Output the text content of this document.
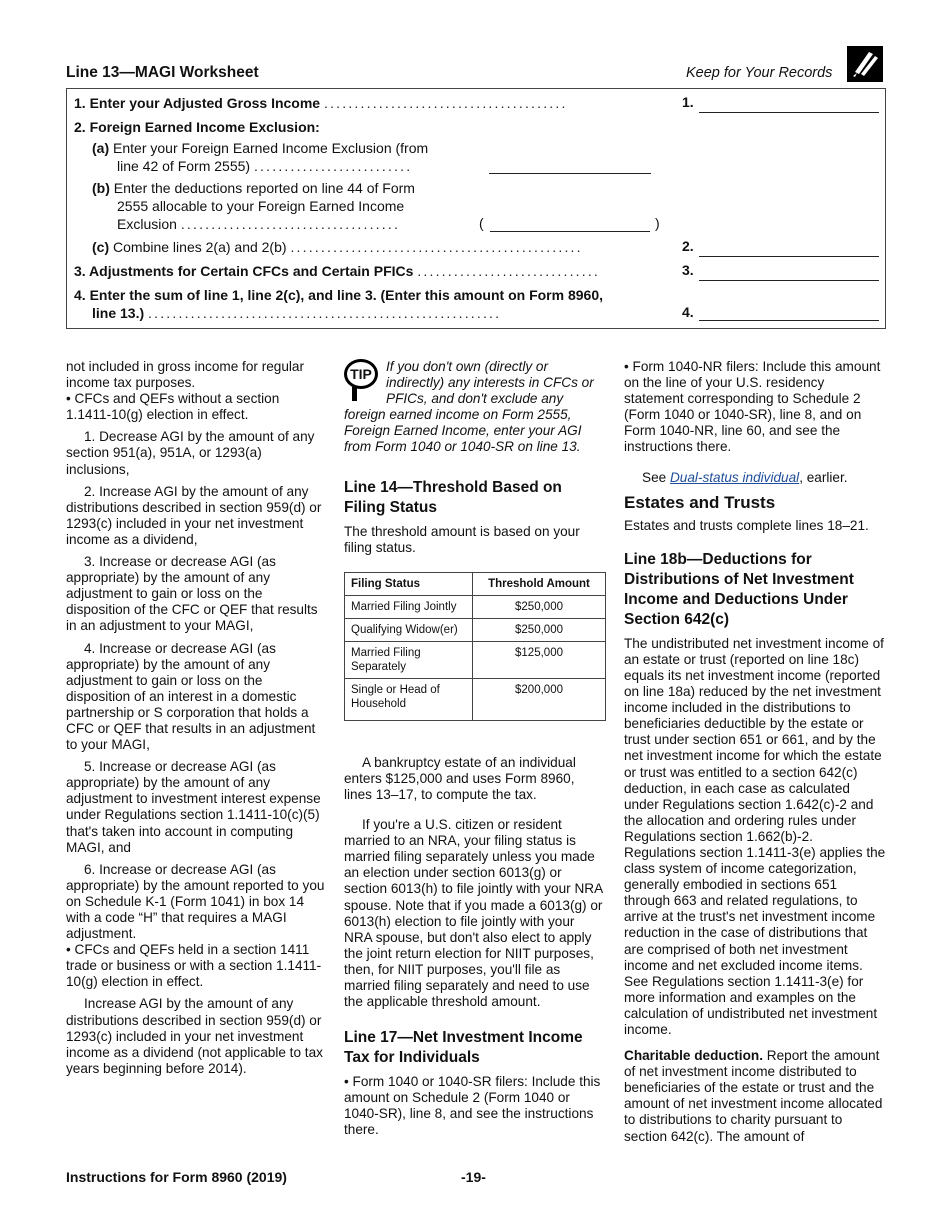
Line 13—MAGI Worksheet	Keep for Your Records
1. Enter your Adjusted Gross Income ........................................	1.
2. Foreign Earned Income Exclusion:
(a) Enter your Foreign Earned Income Exclusion (from
line 42 of Form 2555) ..........................
(b) Enter the deductions reported on line 44 of Form
2555 allocable to your Foreign Earned Income
Exclusion ....................................	(	)
(c) Combine lines 2(a) and 2(b) ................................................	2.
3. Adjustments for Certain CFCs and Certain PFICs ..............................	3.
4. Enter the sum of line 1, line 2(c), and line 3. (Enter this amount on Form 8960,
line 13.) ..........................................................	4.

not included in gross income for regular income tax purposes.

• CFCs and QEFs without a section 1.1411-10(g) election in effect.

1. Decrease AGI by the amount of any section 951(a), 951A, or 1293(a) inclusions,

2. Increase AGI by the amount of any distributions described in section 959(d) or 1293(c) included in your net investment income as a dividend,

3. Increase or decrease AGI (as appropriate) by the amount of any adjustment to gain or loss on the disposition of the CFC or QEF that results in an adjustment to your MAGI,

4. Increase or decrease AGI (as appropriate) by the amount of any adjustment to gain or loss on the disposition of an interest in a domestic partnership or S corporation that holds a CFC or QEF that results in an adjustment to your MAGI,

5. Increase or decrease AGI (as appropriate) by the amount of any adjustment to investment interest expense under Regulations section 1.1411-10(c)(5) that's taken into account in computing MAGI, and

6. Increase or decrease AGI (as appropriate) by the amount reported to you on Schedule K-1 (Form 1041) in box 14 with a code “H” that requires a MAGI adjustment.

• CFCs and QEFs held in a section 1411 trade or business or with a section 1.1411-10(g) election in effect.

Increase AGI by the amount of any distributions described in section 959(d) or 1293(c) included in your net investment income as a dividend (not applicable to tax years beginning before 2014).

TIP	If you don't own (directly or indirectly) any interests in CFCs or PFICs, and don't exclude any foreign earned income on Form 2555, Foreign Earned Income, enter your AGI from Form 1040 or 1040-SR on line 13.
Line 14—Threshold Based on Filing Status

The threshold amount is based on your filing status.

Filing Status	Threshold Amount
Married Filing Jointly	$250,000
Qualifying Widow(er)	$250,000
Married Filing Separately	$125,000
Single or Head of Household	$200,000

A bankruptcy estate of an individual enters $125,000 and uses Form 8960, lines 13–17, to compute the tax.

If you're a U.S. citizen or resident married to an NRA, your filing status is married filing separately unless you made an election under section 6013(g) or section 6013(h) to file jointly with your NRA spouse. Note that if you made a 6013(g) or 6013(h) election to file jointly with your NRA spouse, but don't also elect to apply the joint return election for NIIT purposes, then, for NIIT purposes, you'll file as married filing separately and need to use the applicable threshold amount.

Line 17—Net Investment Income Tax for Individuals

• Form 1040 or 1040-SR filers: Include this amount on Schedule 2 (Form 1040 or 1040-SR), line 8, and see the instructions there.

• Form 1040-NR filers: Include this amount on the line of your U.S. residency statement corresponding to Schedule 2 (Form 1040 or 1040-SR), line 8, and on Form 1040-NR, line 60, and see the instructions there.

See Dual-status individual, earlier.

Estates and Trusts

Estates and trusts complete lines 18–21.

Line 18b—Deductions for Distributions of Net Investment Income and Deductions Under Section 642(c)

The undistributed net investment income of an estate or trust (reported on line 18c) equals its net investment income (reported on line 18a) reduced by the net investment income included in the distributions to beneficiaries deductible by the estate or trust under section 651 or 661, and by the net investment income for which the estate or trust was entitled to a section 642(c) deduction, in each case as calculated under Regulations section 1.642(c)-2 and the allocation and ordering rules under Regulations section 1.662(b)-2. Regulations section 1.1411-3(e) applies the class system of income categorization, generally embodied in sections 651 through 663 and related regulations, to arrive at the trust's net investment income reduction in the case of distributions that are comprised of both net investment income and net excluded income items. See Regulations section 1.1411-3(e) for more information and examples on the calculation of undistributed net investment income.

Charitable deduction. Report the amount of net investment income distributed to beneficiaries of the estate or trust and the amount of net investment income allocated to distributions to charity pursuant to section 642(c). The amount of

Instructions for Form 8960 (2019)	-19-
